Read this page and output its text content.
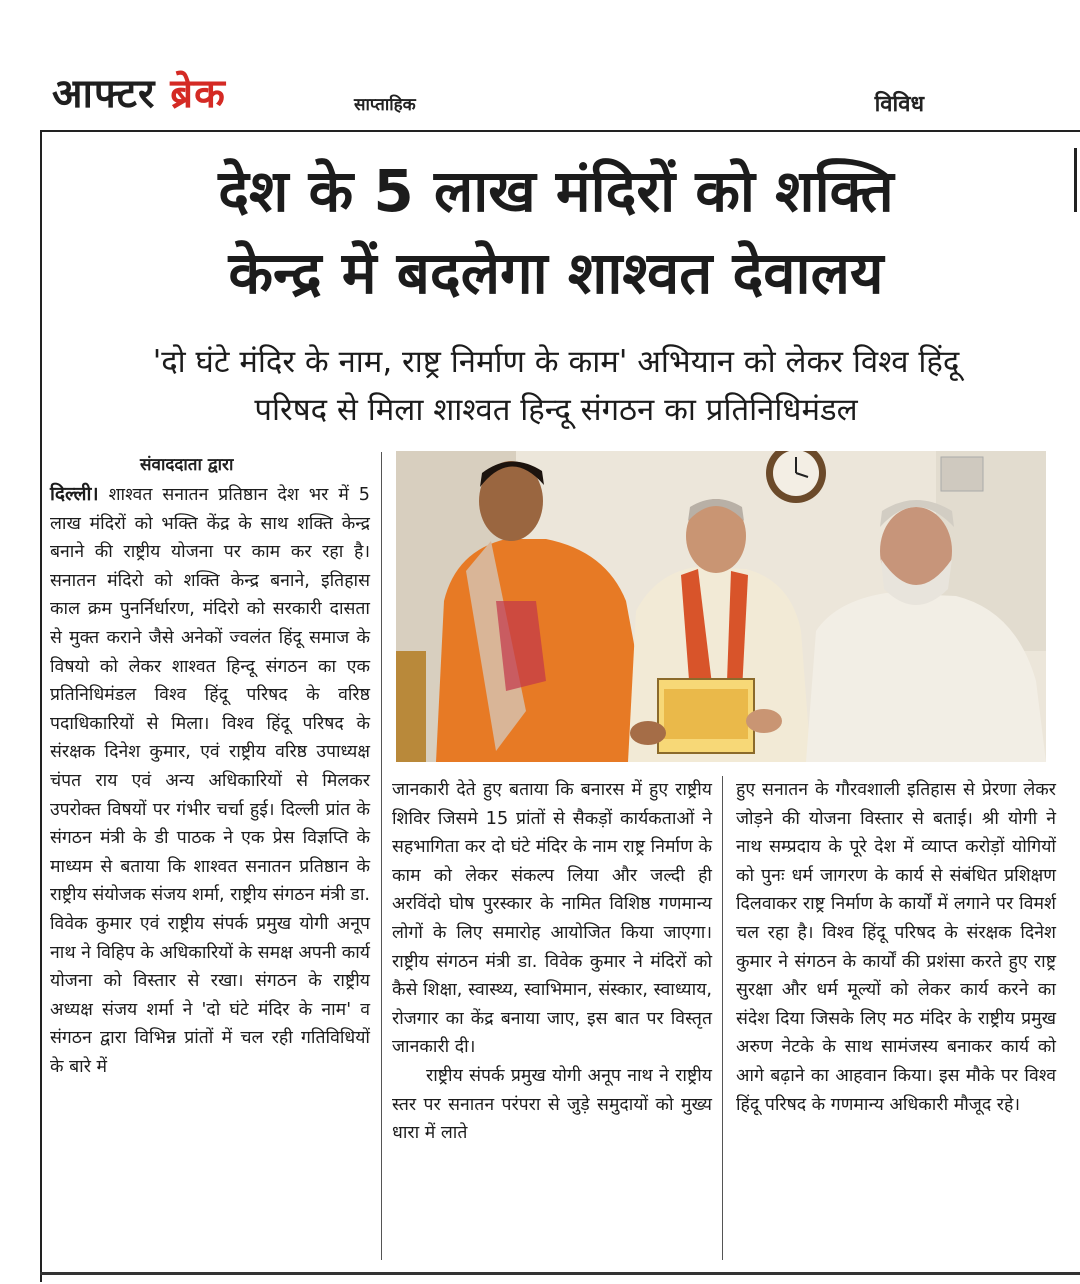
आफ्टर ब्रेक	साप्ताहिक	विविध
देश के 5 लाख मंदिरों को शक्ति
केन्द्र में बदलेगा शाश्वत देवालय
'दो घंटे मंदिर के नाम, राष्ट्र निर्माण के काम' अभियान को लेकर विश्व हिंदू
परिषद से मिला शाश्वत हिन्दू संगठन का प्रतिनिधिमंडल
संवाददाता द्वारा

दिल्ली। शाश्वत सनातन प्रतिष्ठान देश भर में 5 लाख मंदिरों को भक्ति केंद्र के साथ शक्ति केन्द्र बनाने की राष्ट्रीय योजना पर काम कर रहा है। सनातन मंदिरो को शक्ति केन्द्र बनाने, इतिहास काल क्रम पुनर्निर्धारण, मंदिरो को सरकारी दासता से मुक्त कराने जैसे अनेकों ज्वलंत हिंदू समाज के विषयो को लेकर शाश्वत हिन्दू संगठन का एक प्रतिनिधिमंडल विश्व हिंदू परिषद के वरिष्ठ पदाधिकारियों से मिला। विश्व हिंदू परिषद के संरक्षक दिनेश कुमार, एवं राष्ट्रीय वरिष्ठ उपाध्यक्ष चंपत राय एवं अन्य अधिकारियों से मिलकर उपरोक्त विषयों पर गंभीर चर्चा हुई। दिल्ली प्रांत के संगठन मंत्री के डी पाठक ने एक प्रेस विज्ञप्ति के माध्यम से बताया कि शाश्वत सनातन प्रतिष्ठान के राष्ट्रीय संयोजक संजय शर्मा, राष्ट्रीय संगठन मंत्री डा. विवेक कुमार एवं राष्ट्रीय संपर्क प्रमुख योगी अनूप नाथ ने विहिप के अधिकारियों के समक्ष अपनी कार्य योजना को विस्तार से रखा। संगठन के राष्ट्रीय अध्यक्ष संजय शर्मा ने 'दो घंटे मंदिर के नाम' व संगठन द्वारा विभिन्न प्रांतों में चल रही गतिविधियों के बारे में

जानकारी देते हुए बताया कि बनारस में हुए राष्ट्रीय शिविर जिसमे 15 प्रांतों से सैकड़ों कार्यकताओं ने सहभागिता कर दो घंटे मंदिर के नाम राष्ट्र निर्माण के काम को लेकर संकल्प लिया और जल्दी ही अरविंदो घोष पुरस्कार के नामित विशिष्ठ गणमान्य लोगों के लिए समारोह आयोजित किया जाएगा। राष्ट्रीय संगठन मंत्री डा. विवेक कुमार ने मंदिरों को कैसे शिक्षा, स्वास्थ्य, स्वाभिमान, संस्कार, स्वाध्याय, रोजगार का केंद्र बनाया जाए, इस बात पर विस्तृत जानकारी दी।

राष्ट्रीय संपर्क प्रमुख योगी अनूप नाथ ने राष्ट्रीय स्तर पर सनातन परंपरा से जुड़े समुदायों को मुख्य धारा में लाते

हुए सनातन के गौरवशाली इतिहास से प्रेरणा लेकर जोड़ने की योजना विस्तार से बताई। श्री योगी ने नाथ सम्प्रदाय के पूरे देश में व्याप्त करोड़ों योगियों को पुनः धर्म जागरण के कार्य से संबंधित प्रशिक्षण दिलवाकर राष्ट्र निर्माण के कार्यों में लगाने पर विमर्श चल रहा है। विश्व हिंदू परिषद के संरक्षक दिनेश कुमार ने संगठन के कार्यों की प्रशंसा करते हुए राष्ट्र सुरक्षा और धर्म मूल्यों को लेकर कार्य करने का संदेश दिया जिसके लिए मठ मंदिर के राष्ट्रीय प्रमुख अरुण नेटके के साथ सामंजस्य बनाकर कार्य को आगे बढ़ाने का आहवान किया। इस मौके पर विश्व हिंदू परिषद के गणमान्य अधिकारी मौजूद रहे।
